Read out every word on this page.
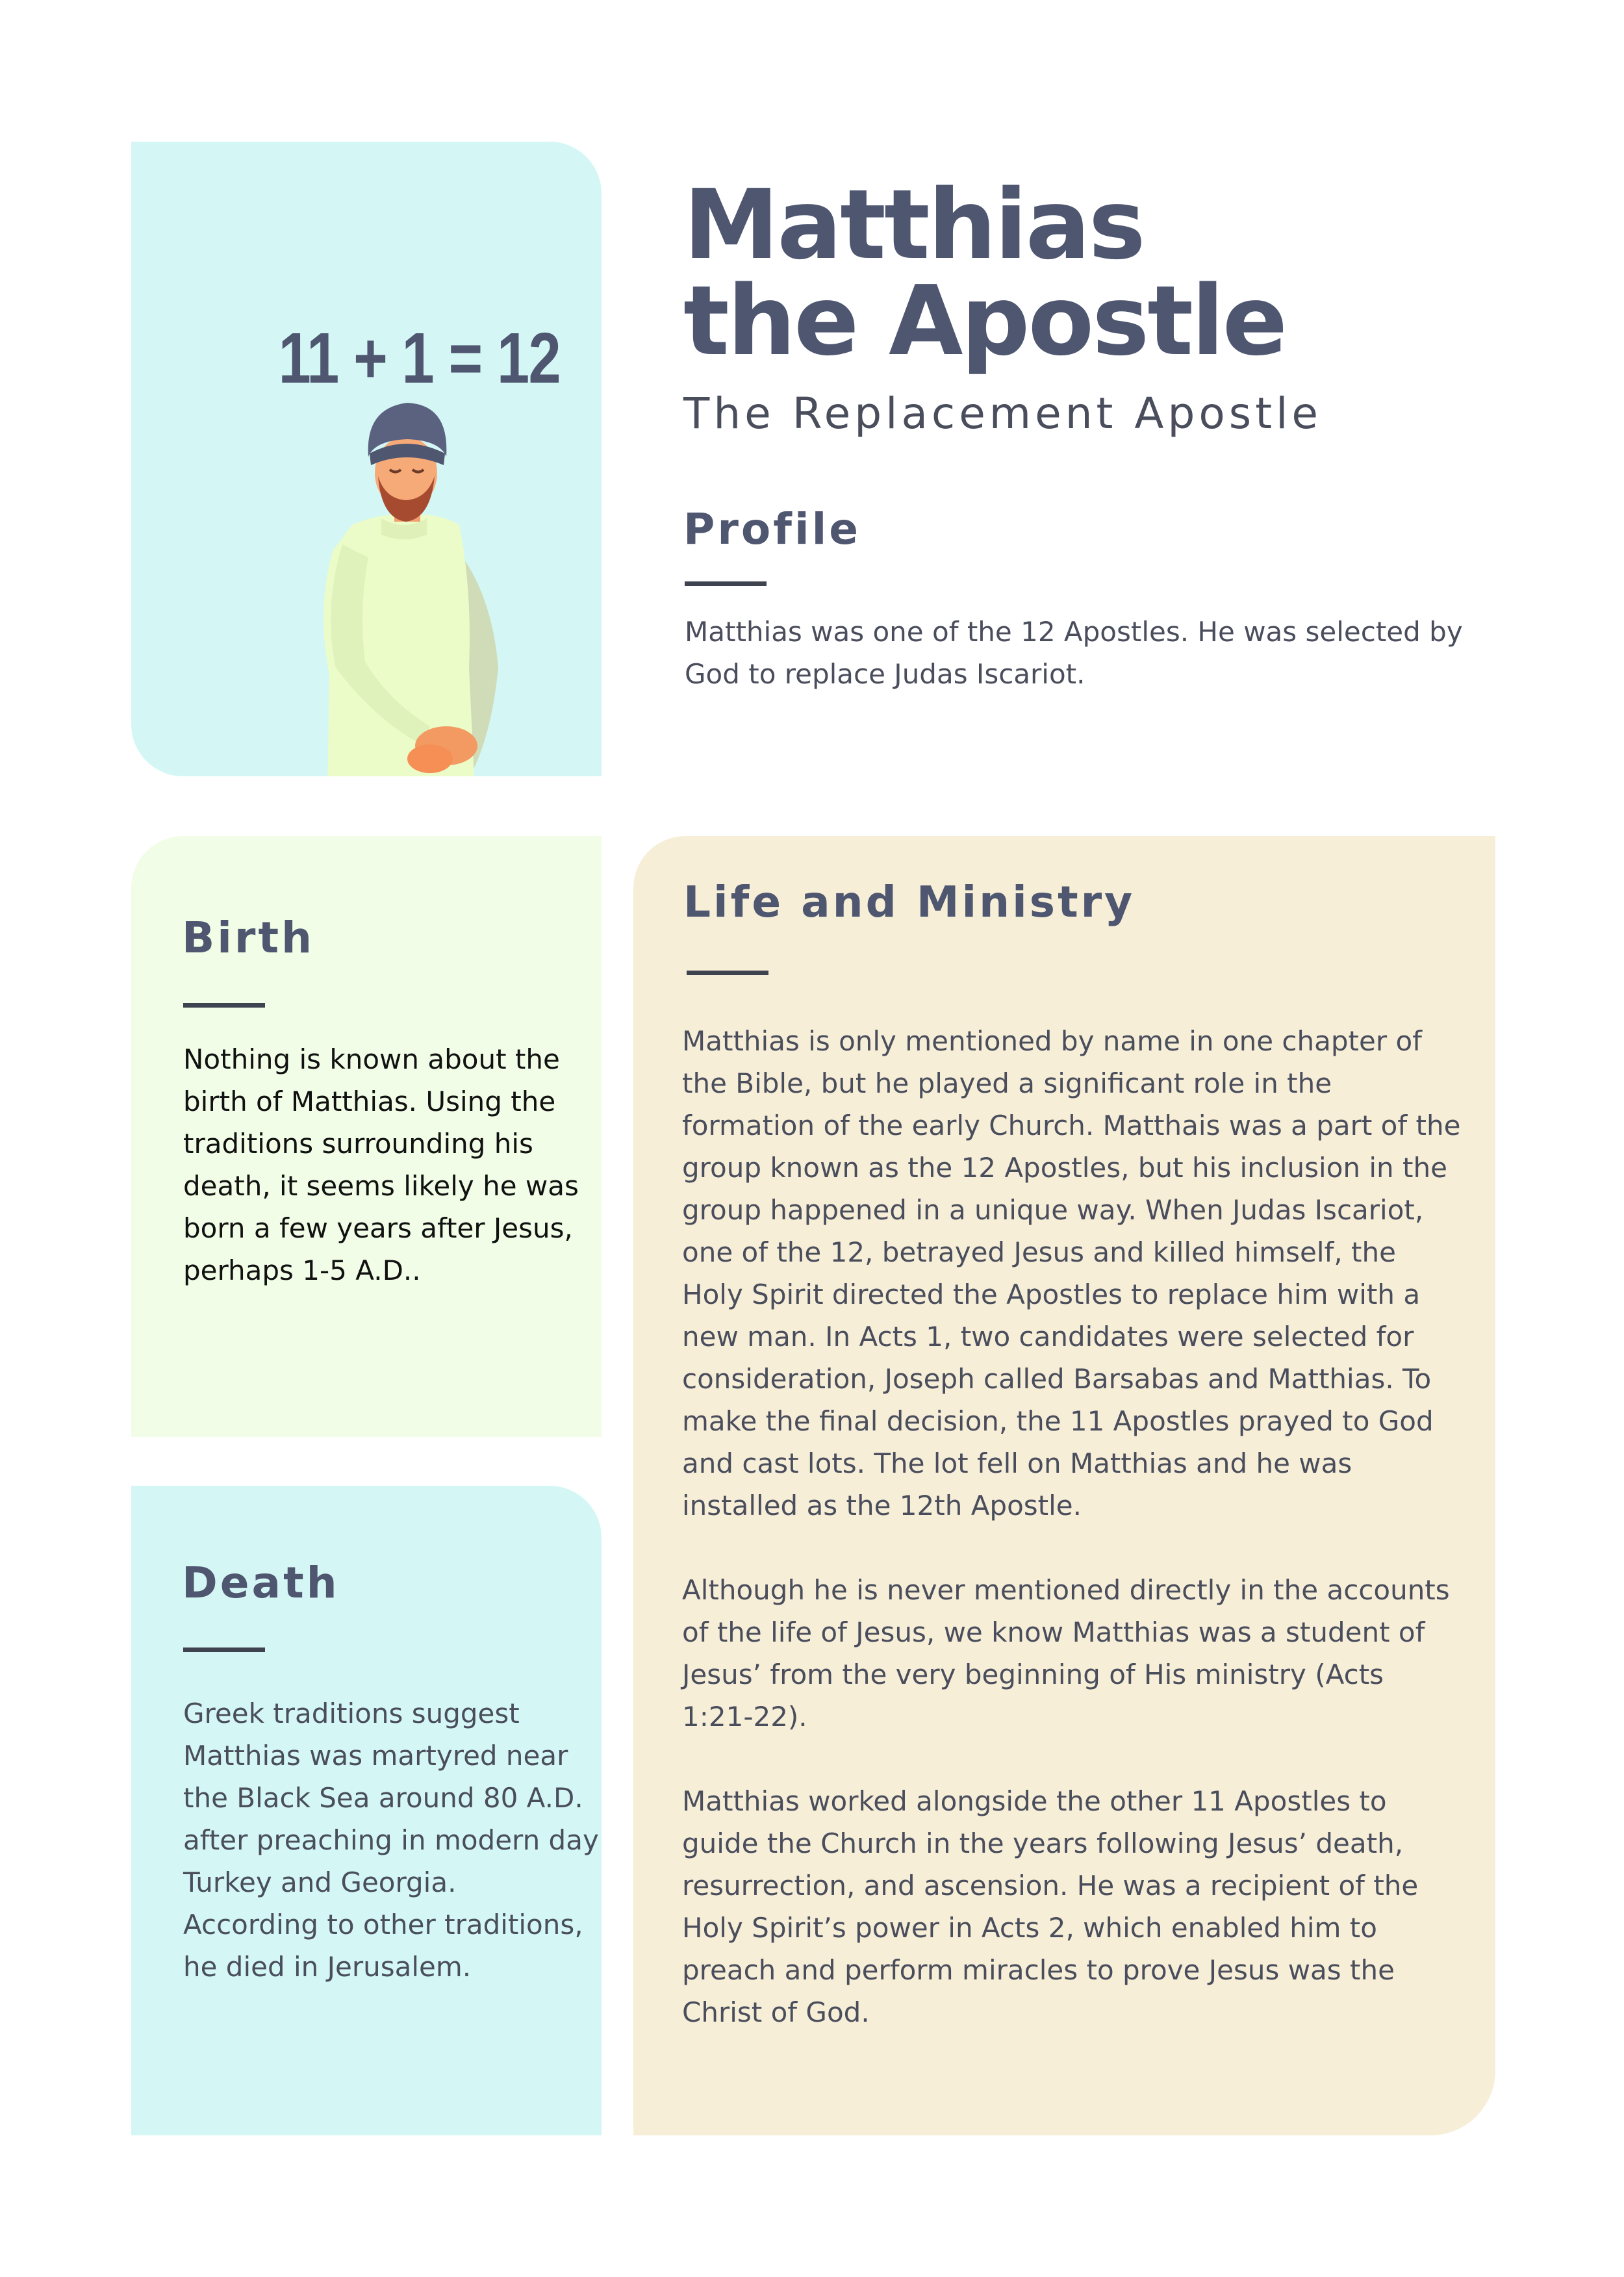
11 + 1 = 12
Matthias
the Apostle
The Replacement Apostle
Profile
Matthias was one of the 12 Apostles. He was selected by God to replace Judas Iscariot.
Birth
Nothing is known about the birth of Matthias. Using the traditions surrounding his death, it seems likely he was born a few years after Jesus, perhaps 1-5 A.D..
Death
Greek traditions suggest Matthias was martyred near the Black Sea around 80 A.D. after preaching in modern day Turkey and Georgia. According to other traditions, he died in Jerusalem.
Life and Ministry

Matthias is only mentioned by name in one chapter of the Bible, but he played a significant role in the formation of the early Church. Matthais was a part of the group known as the 12 Apostles, but his inclusion in the group happened in a unique way. When Judas Iscariot, one of the 12, betrayed Jesus and killed himself, the Holy Spirit directed the Apostles to replace him with a new man. In Acts 1, two candidates were selected for consideration, Joseph called Barsabas and Matthias. To make the final decision, the 11 Apostles prayed to God and cast lots. The lot fell on Matthias and he was installed as the 12th Apostle.

Although he is never mentioned directly in the accounts of the life of Jesus, we know Matthias was a student of Jesus’ from the very beginning of His ministry (Acts 1:21-22).

Matthias worked alongside the other 11 Apostles to guide the Church in the years following Jesus’ death, resurrection, and ascension. He was a recipient of the Holy Spirit’s power in Acts 2, which enabled him to preach and perform miracles to prove Jesus was the Christ of God.
